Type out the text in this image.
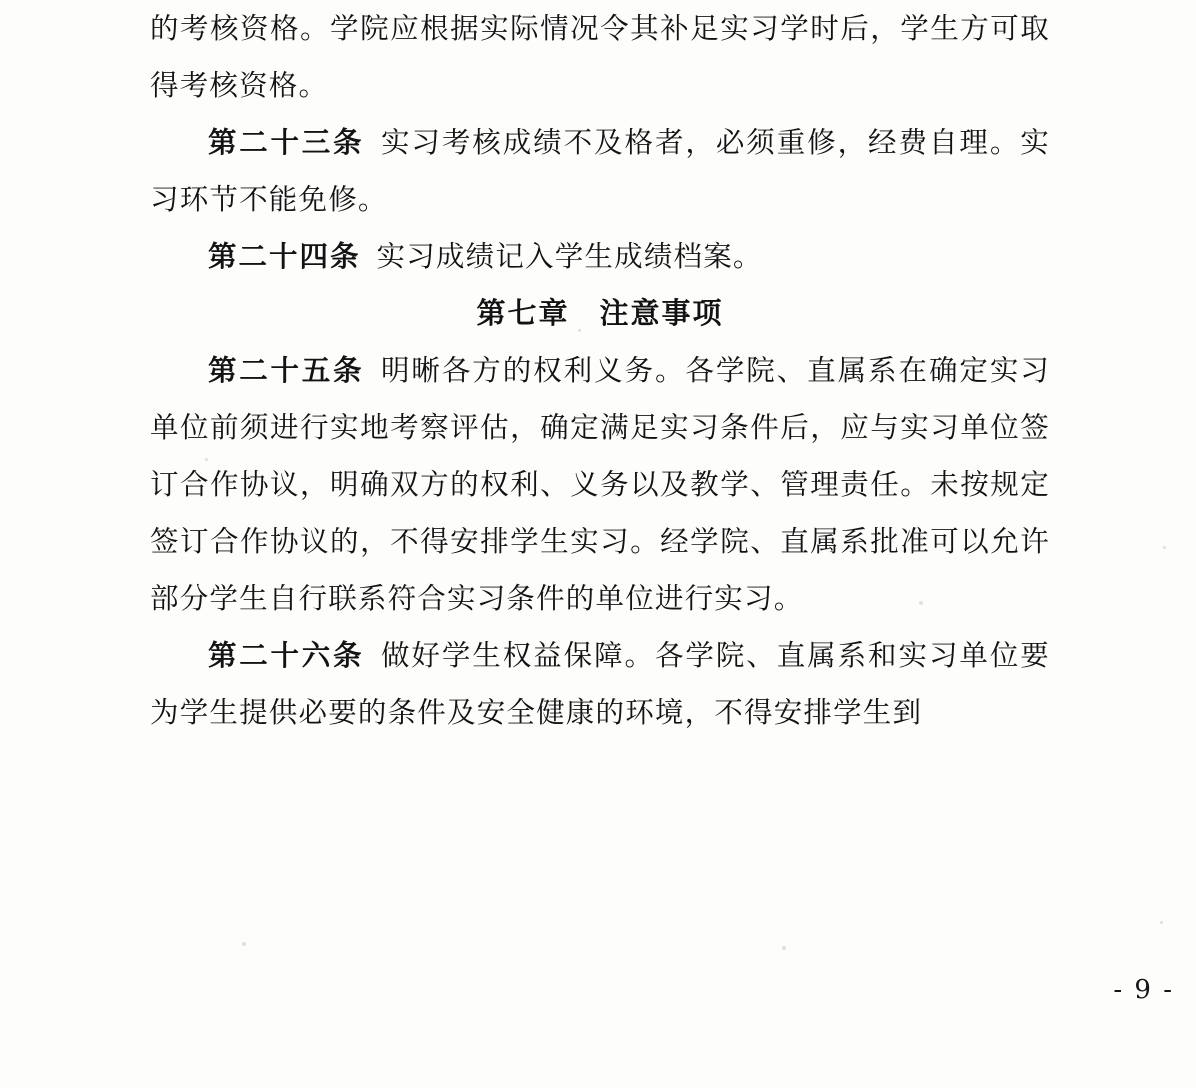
的考核资格。学院应根据实际情况令其补足实习学时后，学生方可取得考核资格。

第二十三条 实习考核成绩不及格者，必须重修，经费自理。实习环节不能免修。

第二十四条 实习成绩记入学生成绩档案。

第七章 注意事项

第二十五条 明晰各方的权利义务。各学院、直属系在确定实习单位前须进行实地考察评估，确定满足实习条件后，应与实习单位签订合作协议，明确双方的权利、义务以及教学、管理责任。未按规定签订合作协议的，不得安排学生实习。经学院、直属系批准可以允许部分学生自行联系符合实习条件的单位进行实习。

第二十六条 做好学生权益保障。各学院、直属系和实习单位要为学生提供必要的条件及安全健康的环境，不得安排学生到

- 9 -
